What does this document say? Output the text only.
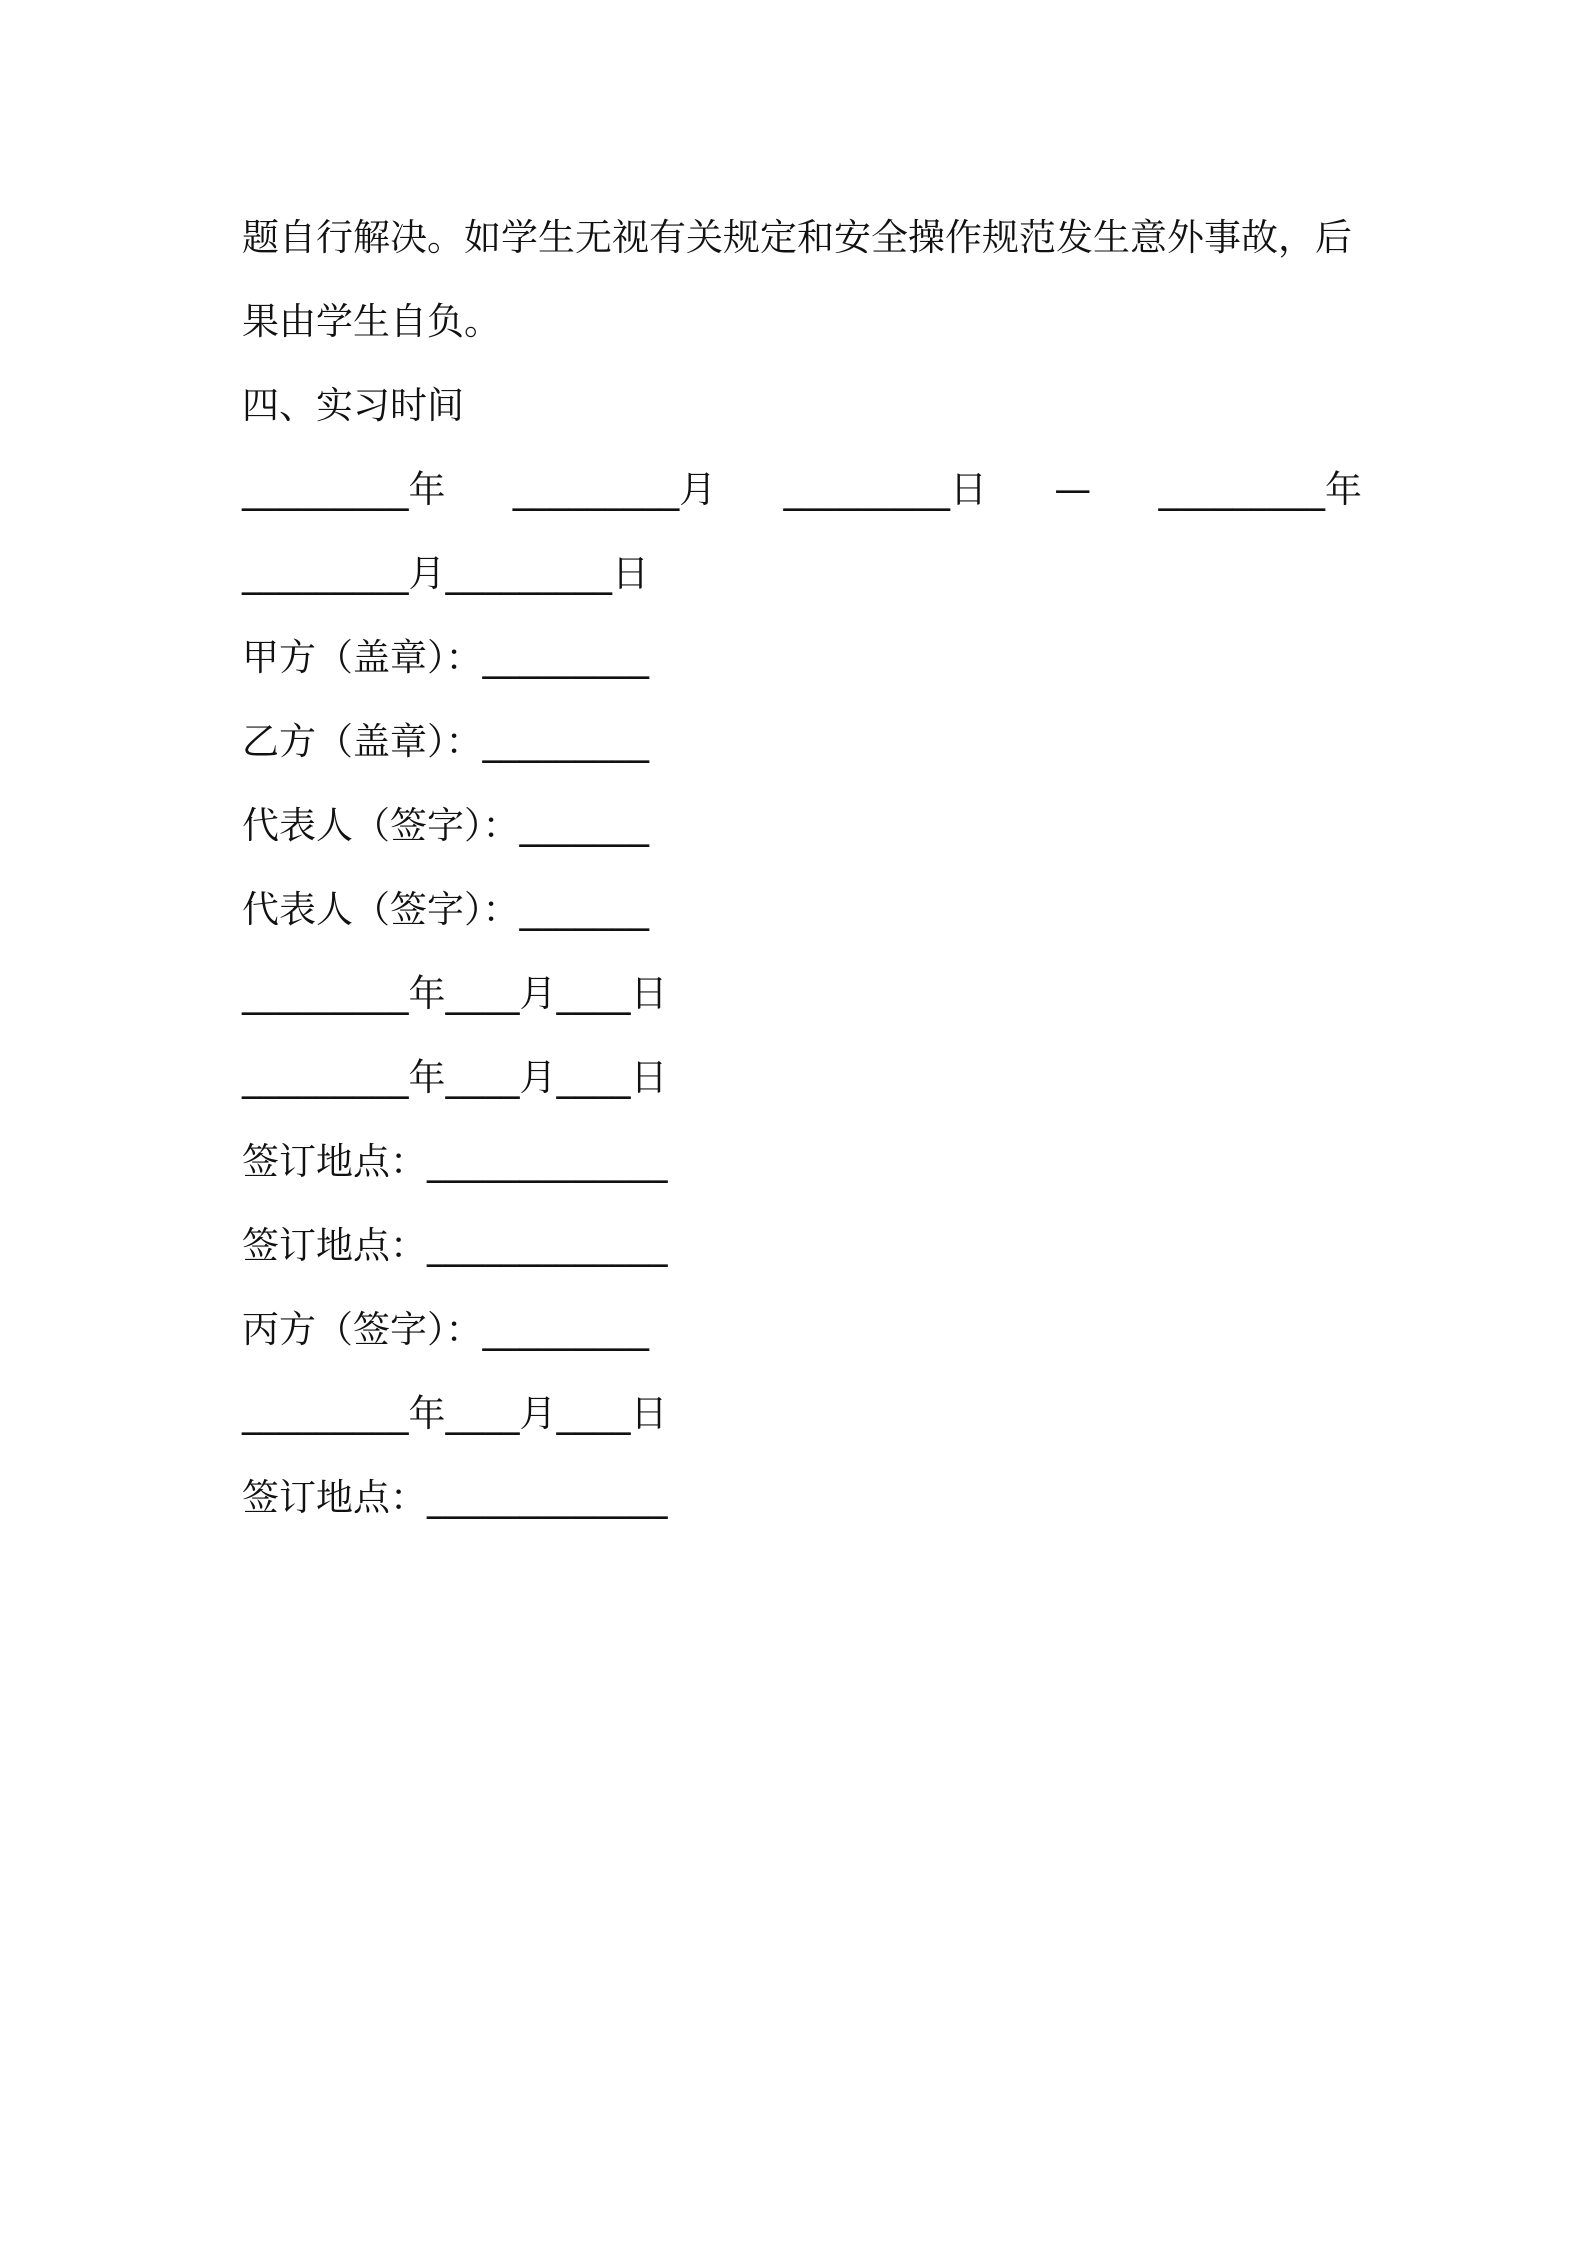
题自行解决。如学生无视有关规定和安全操作规范发生意外事故，后
果由学生自负。
四、实习时间
_________年 _________月 _________日 — _________年
_________月_________日
甲方（盖章）：_________
乙方（盖章）：_________
代表人（签字）：_______
代表人（签字）：_______
_________年____月____日
_________年____月____日
签订地点：_____________
签订地点：_____________
丙方（签字）：_________
_________年____月____日
签订地点：_____________
